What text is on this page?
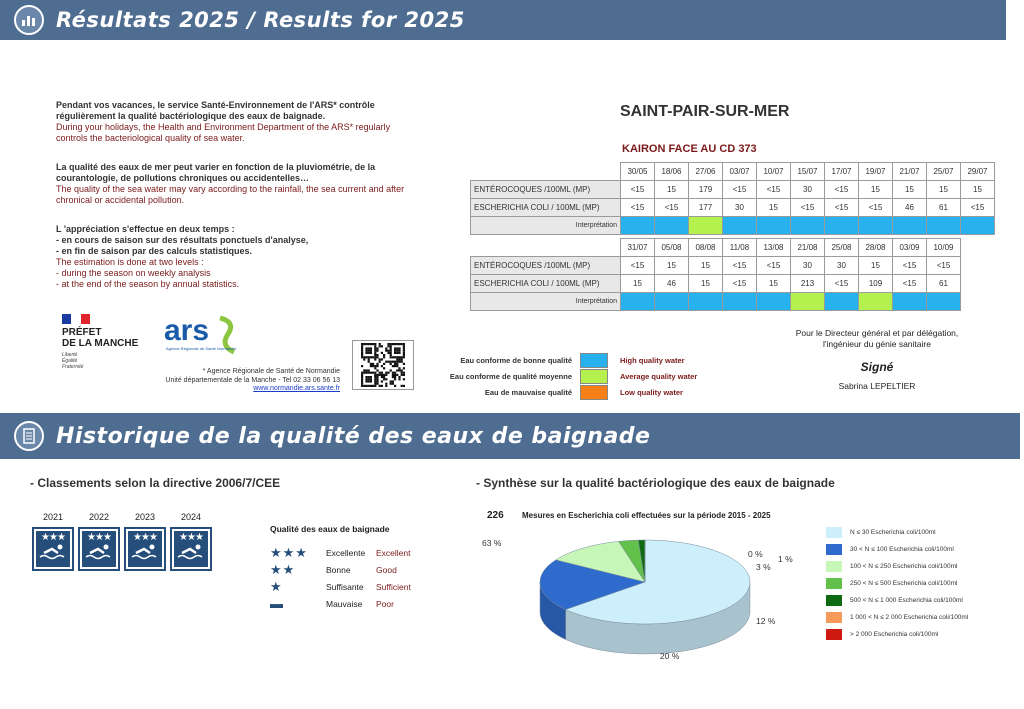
Résultats 2025 / Results for 2025
Pendant vos vacances, le service Santé-Environnement de l'ARS* contrôle régulièrement la qualité bactériologique des eaux de baignade.
During your holidays, the Health and Environment Department of the ARS* regularly controls the bacteriological quality of sea water.
La qualité des eaux de mer peut varier en fonction de la pluviométrie, de la courantologie, de pollutions chroniques ou accidentelles…
The quality of the sea water may vary according to the rainfall, the sea current and after chronical or accidental pollution.
L 'appréciation s'effectue en deux temps :
- en cours de saison sur des résultats ponctuels d'analyse,
- en fin de saison par des calculs statistiques.
The estimation is done at two levels :
- during the season on weekly analysis
- at the end of the season by annual statistics.
PRÉFET
DE LA MANCHE
Liberté
Égalité
Fraternité
ars
Agence Régionale de Santé Normandie
* Agence Régionale de Santé de Normandie
Unité départementale de la Manche - Tel 02 33 06 56 13
www.normandie.ars.sante.fr
SAINT-PAIR-SUR-MER
KAIRON FACE AU CD 373
	30/05	18/06	27/06	03/07	10/07	15/07	17/07	19/07	21/07	25/07	29/07
ENTÉROCOQUES /100ML (MP)	<15	15	179	<15	<15	30	<15	15	15	15	15
ESCHERICHIA COLI / 100ML (MP)	<15	<15	177	30	15	<15	<15	<15	46	61	<15
Interprétation											
	31/07	05/08	08/08	11/08	13/08	21/08	25/08	28/08	03/09	10/09
ENTÉROCOQUES /100ML (MP)	<15	15	15	<15	<15	30	30	15	<15	<15
ESCHERICHIA COLI / 100ML (MP)	15	46	15	<15	15	213	<15	109	<15	61
Interprétation										
Eau conforme de bonne qualité	High quality water
Eau conforme de qualité moyenne	Average quality water
Eau de mauvaise qualité	Low quality water
Pour le Directeur général et par délégation,
l'ingénieur du génie sanitaire
Signé
Sabrina LEPELTIER
Historique de la qualité des eaux de baignade
- Classements selon la directive 2006/7/CEE
2021
★★★
2022
★★★
2023
★★★
2024
★★★
Qualité des eaux de baignade
★★★	Excellente	Excellent
★★	Bonne	Good
★	Suffisante	Sufficient
▬	Mauvaise	Poor
- Synthèse sur la qualité bactériologique des eaux de baignade
226 Mesures en Escherichia coli effectuées sur la période 2015 - 2025
63 %
20 %
12 %
3 %
1 %
0 %
N ≤ 30 Escherichia coli/100ml
30 < N ≤ 100 Escherichia coli/100ml
100 < N ≤ 250 Escherichia coli/100ml
250 < N ≤ 500 Escherichia coli/100ml
500 < N ≤ 1 000 Escherichia coli/100ml
1 000 < N ≤ 2 000 Escherichia coli/100ml
> 2 000 Escherichia coli/100ml
